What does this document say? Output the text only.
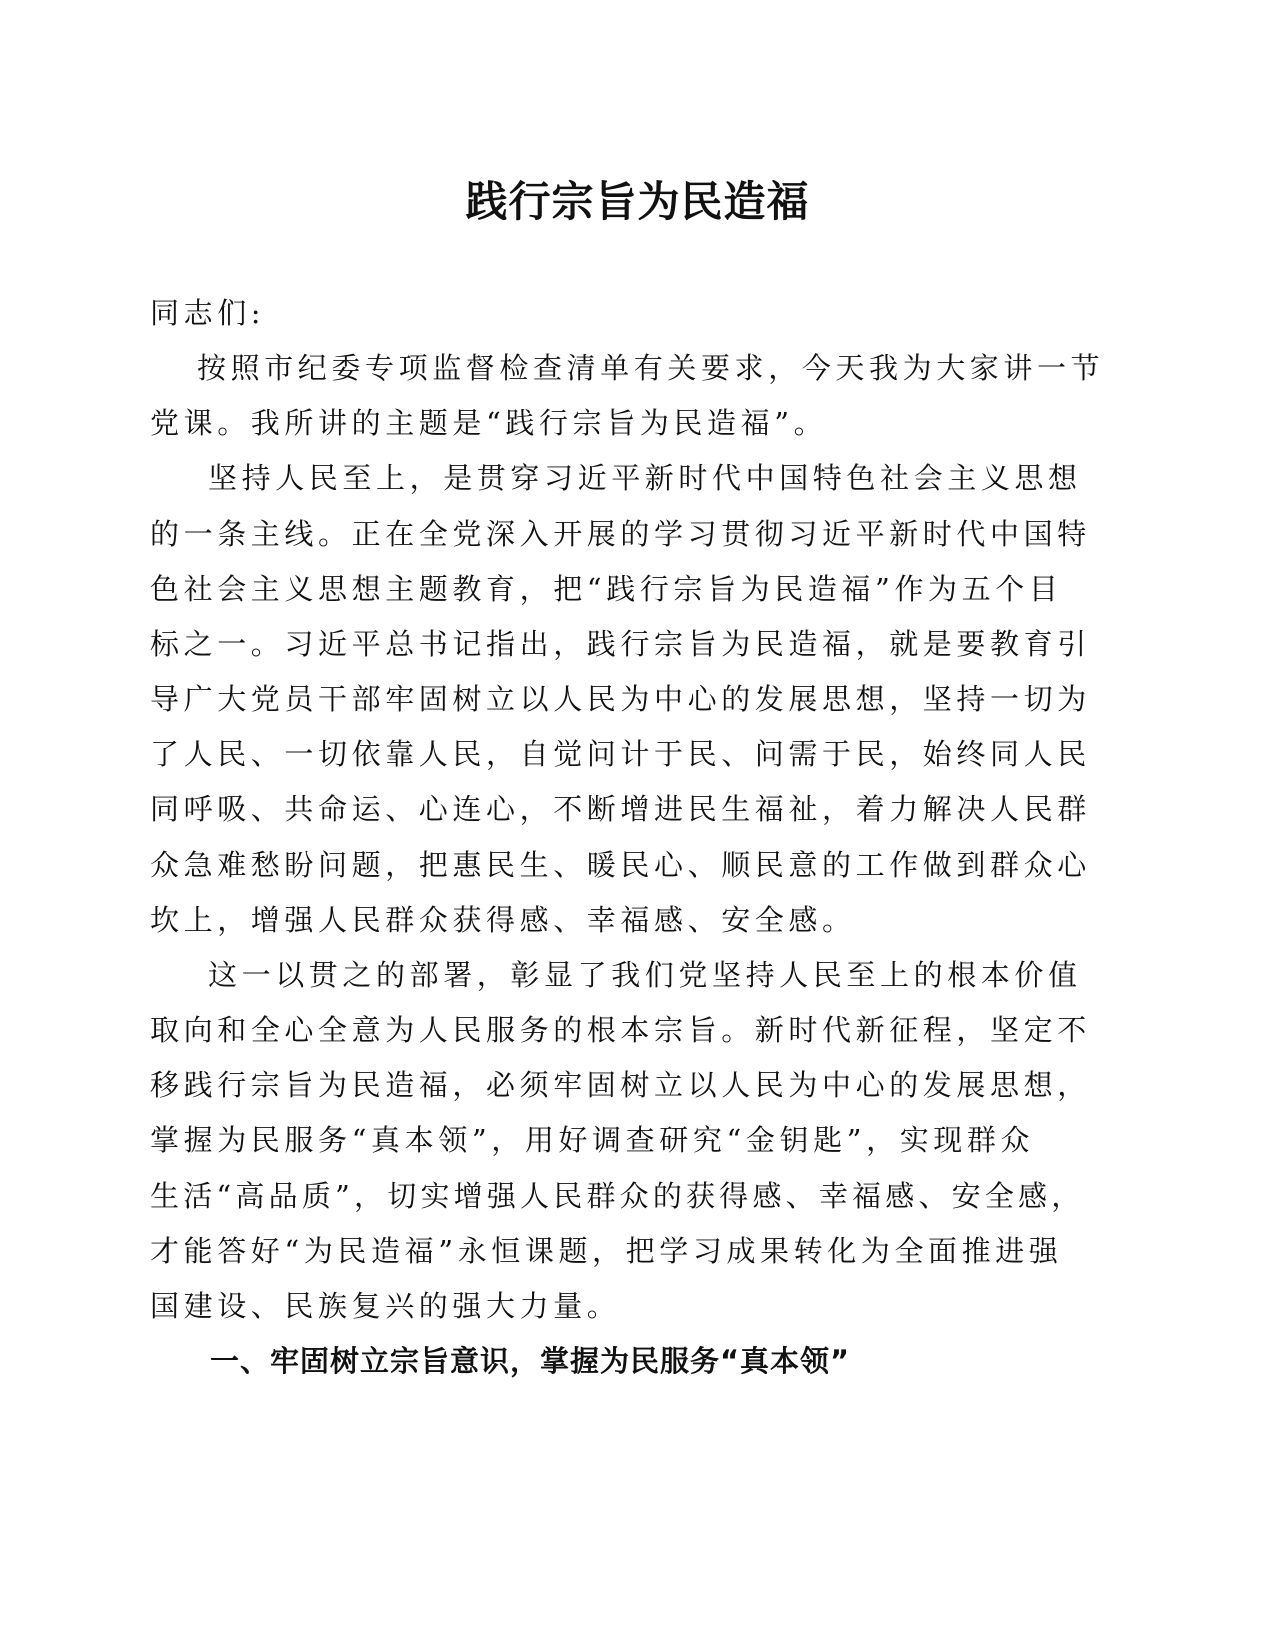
践行宗旨为民造福

同志们:

按照市纪委专项监督检查清单有关要求，今天我为大家讲一节

党课。我所讲的主题是“践行宗旨为民造福”。

坚持人民至上，是贯穿习近平新时代中国特色社会主义思想

的一条主线。正在全党深入开展的学习贯彻习近平新时代中国特

色社会主义思想主题教育，把“践行宗旨为民造福”作为五个目

标之一。习近平总书记指出，践行宗旨为民造福，就是要教育引

导广大党员干部牢固树立以人民为中心的发展思想，坚持一切为

了人民、一切依靠人民，自觉问计于民、问需于民，始终同人民

同呼吸、共命运、心连心，不断增进民生福祉，着力解决人民群

众急难愁盼问题，把惠民生、暖民心、顺民意的工作做到群众心

坎上，增强人民群众获得感、幸福感、安全感。

这一以贯之的部署，彰显了我们党坚持人民至上的根本价值

取向和全心全意为人民服务的根本宗旨。新时代新征程，坚定不

移践行宗旨为民造福，必须牢固树立以人民为中心的发展思想，

掌握为民服务“真本领”，用好调查研究“金钥匙”，实现群众

生活“高品质”，切实增强人民群众的获得感、幸福感、安全感，

才能答好“为民造福”永恒课题，把学习成果转化为全面推进强

国建设、民族复兴的强大力量。

一、牢固树立宗旨意识，掌握为民服务“真本领”
